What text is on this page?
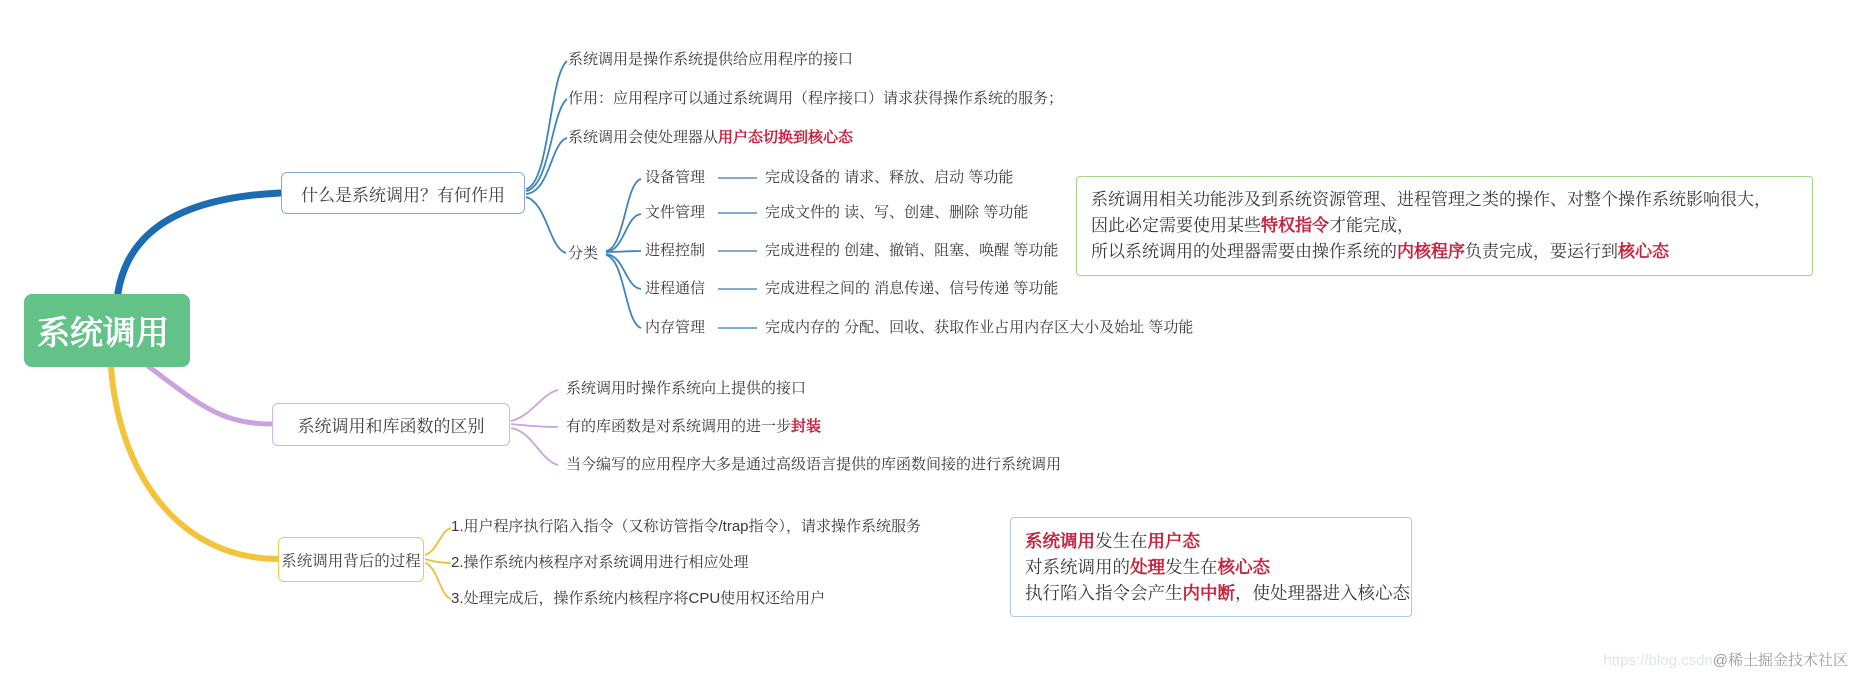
系统调用
什么是系统调用？有何作用
系统调用是操作系统提供给应用程序的接口
作用：应用程序可以通过系统调用（程序接口）请求获得操作系统的服务；
系统调用会使处理器从用户态切换到核心态
分类
设备管理	完成设备的 请求、释放、启动 等功能
文件管理	完成文件的 读、写、创建、删除 等功能
进程控制	完成进程的 创建、撤销、阻塞、唤醒 等功能
进程通信	完成进程之间的 消息传递、信号传递 等功能
内存管理	完成内存的 分配、回收、获取作业占用内存区大小及始址 等功能
系统调用相关功能涉及到系统资源管理、进程管理之类的操作、对整个操作系统影响很大，
因此必定需要使用某些特权指令才能完成，
所以系统调用的处理器需要由操作系统的内核程序负责完成，要运行到核心态
系统调用和库函数的区别
系统调用时操作系统向上提供的接口
有的库函数是对系统调用的进一步封装
当今编写的应用程序大多是通过高级语言提供的库函数间接的进行系统调用
系统调用背后的过程
1.用户程序执行陷入指令（又称访管指令/trap指令），请求操作系统服务
2.操作系统内核程序对系统调用进行相应处理
3.处理完成后，操作系统内核程序将CPU使用权还给用户
系统调用发生在用户态
对系统调用的处理发生在核心态
执行陷入指令会产生内中断，使处理器进入核心态
https://blog.csdn@稀土掘金技术社区
